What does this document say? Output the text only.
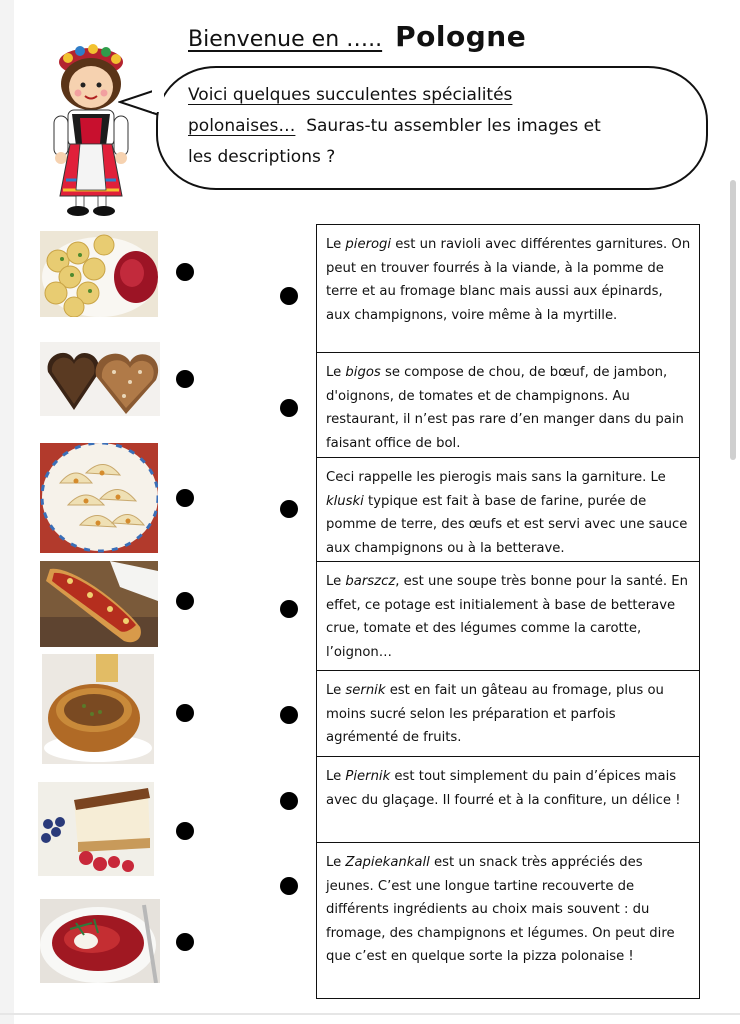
Bienvenue en ….. Pologne
Voici quelques succulentes spécialités
polonaises… Sauras-tu assembler les images et
les descriptions ?
Le pierogi est un ravioli avec différentes garnitures. On peut en trouver fourrés à la viande, à la pomme de terre et au fromage blanc mais aussi aux épinards, aux champignons, voire même à la myrtille.
Le bigos se compose de chou, de bœuf, de jambon, d'oignons, de tomates et de champignons. Au restaurant, il n’est pas rare d’en manger dans du pain faisant office de bol.
Ceci rappelle les pierogis mais sans la garniture. Le kluski typique est fait à base de farine, purée de pomme de terre, des œufs et est servi avec une sauce aux champignons ou à la betterave.
Le barszcz, est une soupe très bonne pour la santé. En effet, ce potage est initialement à base de betterave crue, tomate et des légumes comme la carotte, l’oignon…
Le sernik est en fait un gâteau au fromage, plus ou moins sucré selon les préparation et parfois agrémenté de fruits.
Le Piernik est tout simplement du pain d’épices mais avec du glaçage. Il fourré et à la confiture, un délice !
Le Zapiekankall est un snack très appréciés des jeunes. C’est une longue tartine recouverte de différents ingrédients au choix mais souvent : du fromage, des champignons et légumes. On peut dire que c’est en quelque sorte la pizza polonaise !
